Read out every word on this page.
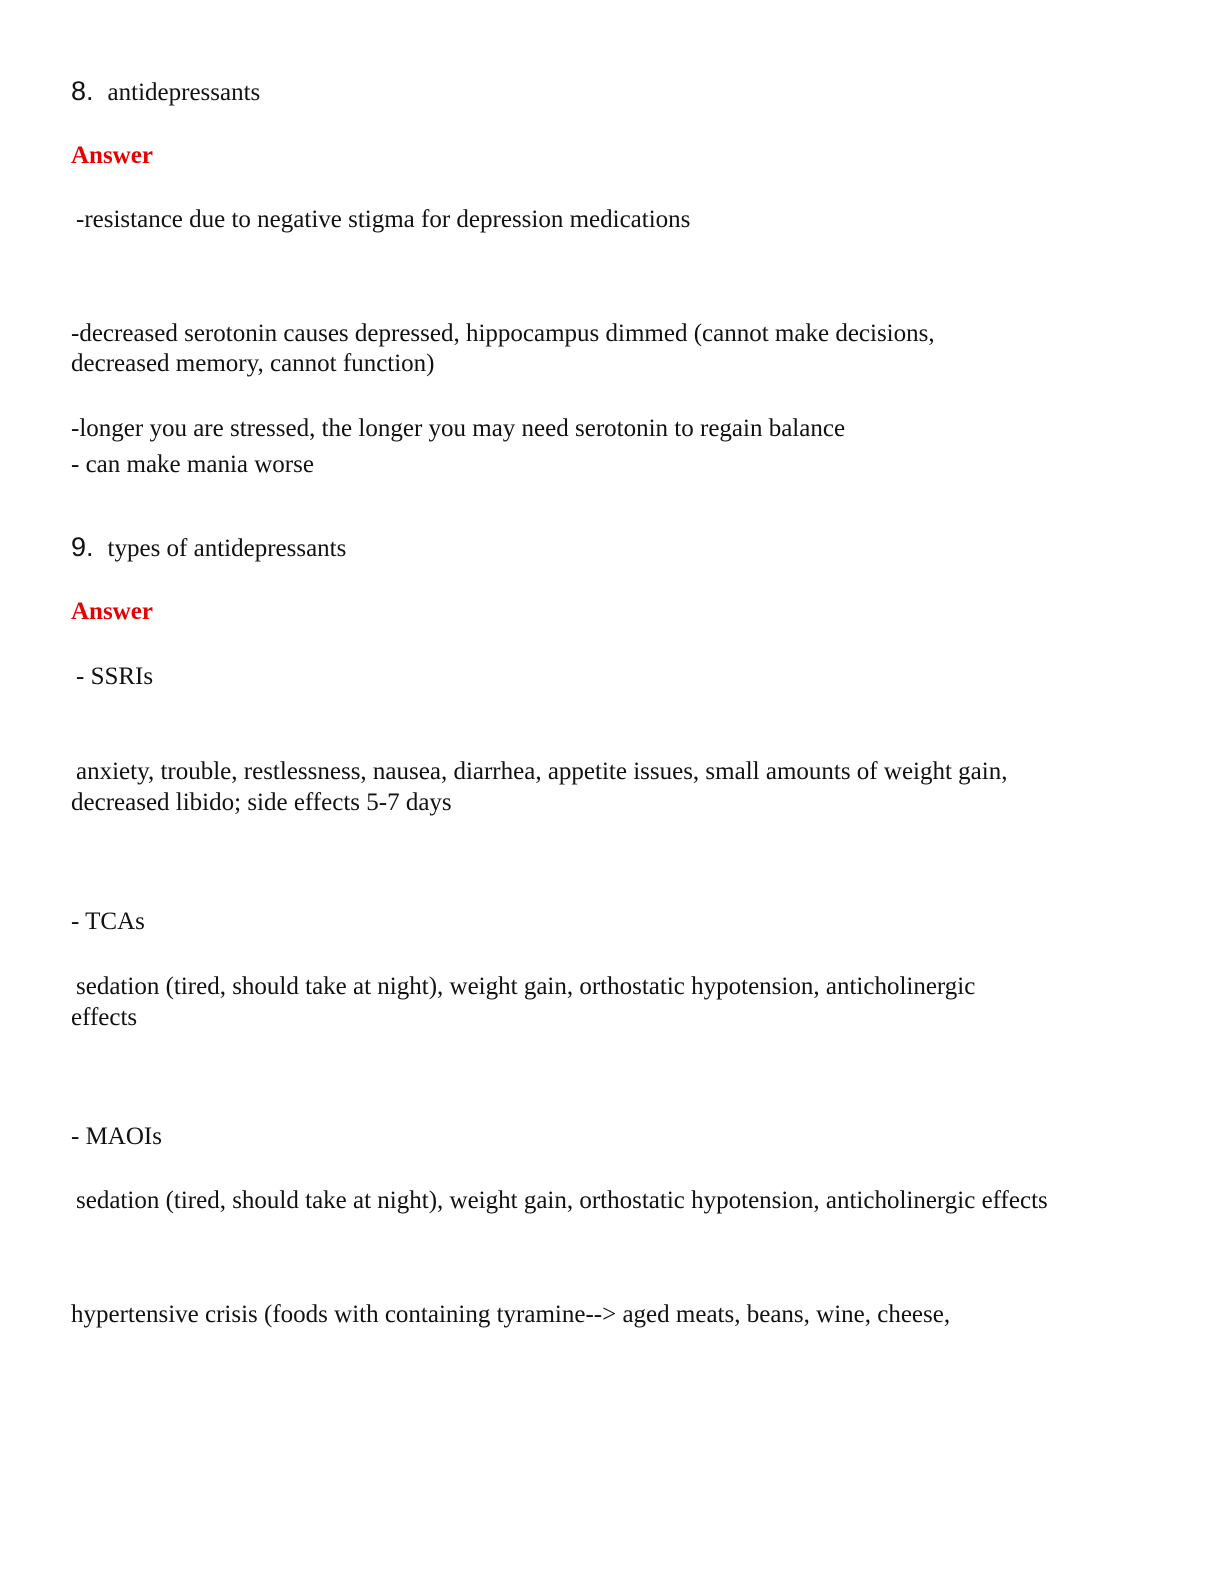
8. antidepressants
Answer
-resistance due to negative stigma for depression medications
-decreased serotonin causes depressed, hippocampus dimmed (cannot make decisions,
decreased memory, cannot function)
-longer you are stressed, the longer you may need serotonin to regain balance
- can make mania worse
9. types of antidepressants
Answer
- SSRIs
anxiety, trouble, restlessness, nausea, diarrhea, appetite issues, small amounts of weight gain,
decreased libido; side effects 5-7 days
- TCAs
sedation (tired, should take at night), weight gain, orthostatic hypotension, anticholinergic
effects
- MAOIs
sedation (tired, should take at night), weight gain, orthostatic hypotension, anticholinergic effects
hypertensive crisis (foods with containing tyramine--> aged meats, beans, wine, cheese,
